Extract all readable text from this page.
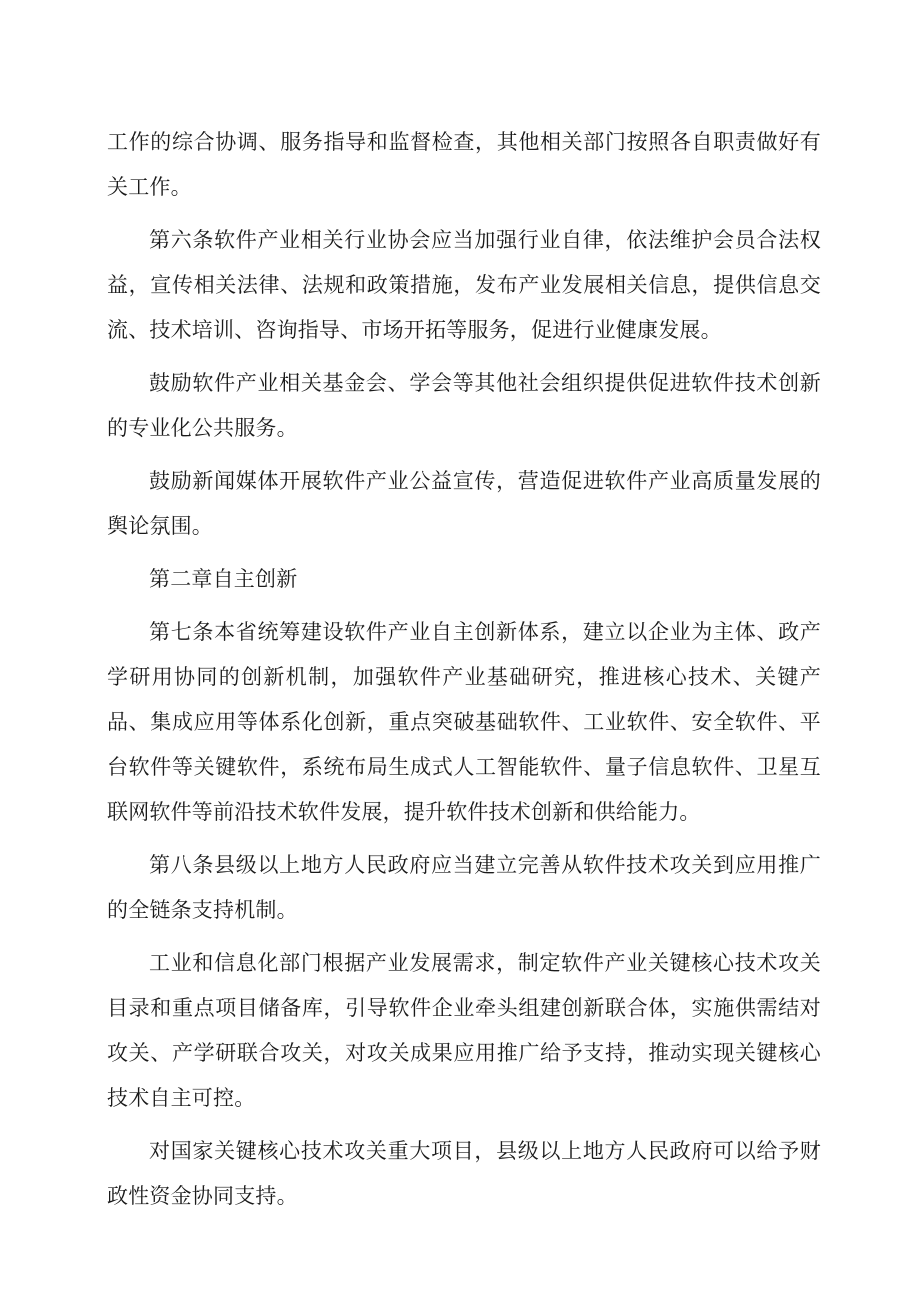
工作的综合协调、服务指导和监督检查，其他相关部门按照各自职责做好有关工作。

第六条软件产业相关行业协会应当加强行业自律，依法维护会员合法权益，宣传相关法律、法规和政策措施，发布产业发展相关信息，提供信息交流、技术培训、咨询指导、市场开拓等服务，促进行业健康发展。

鼓励软件产业相关基金会、学会等其他社会组织提供促进软件技术创新的专业化公共服务。

鼓励新闻媒体开展软件产业公益宣传，营造促进软件产业高质量发展的舆论氛围。

第二章自主创新

第七条本省统筹建设软件产业自主创新体系，建立以企业为主体、政产学研用协同的创新机制，加强软件产业基础研究，推进核心技术、关键产品、集成应用等体系化创新，重点突破基础软件、工业软件、安全软件、平台软件等关键软件，系统布局生成式人工智能软件、量子信息软件、卫星互联网软件等前沿技术软件发展，提升软件技术创新和供给能力。

第八条县级以上地方人民政府应当建立完善从软件技术攻关到应用推广的全链条支持机制。

工业和信息化部门根据产业发展需求，制定软件产业关键核心技术攻关目录和重点项目储备库，引导软件企业牵头组建创新联合体，实施供需结对攻关、产学研联合攻关，对攻关成果应用推广给予支持，推动实现关键核心技术自主可控。

对国家关键核心技术攻关重大项目，县级以上地方人民政府可以给予财政性资金协同支持。
